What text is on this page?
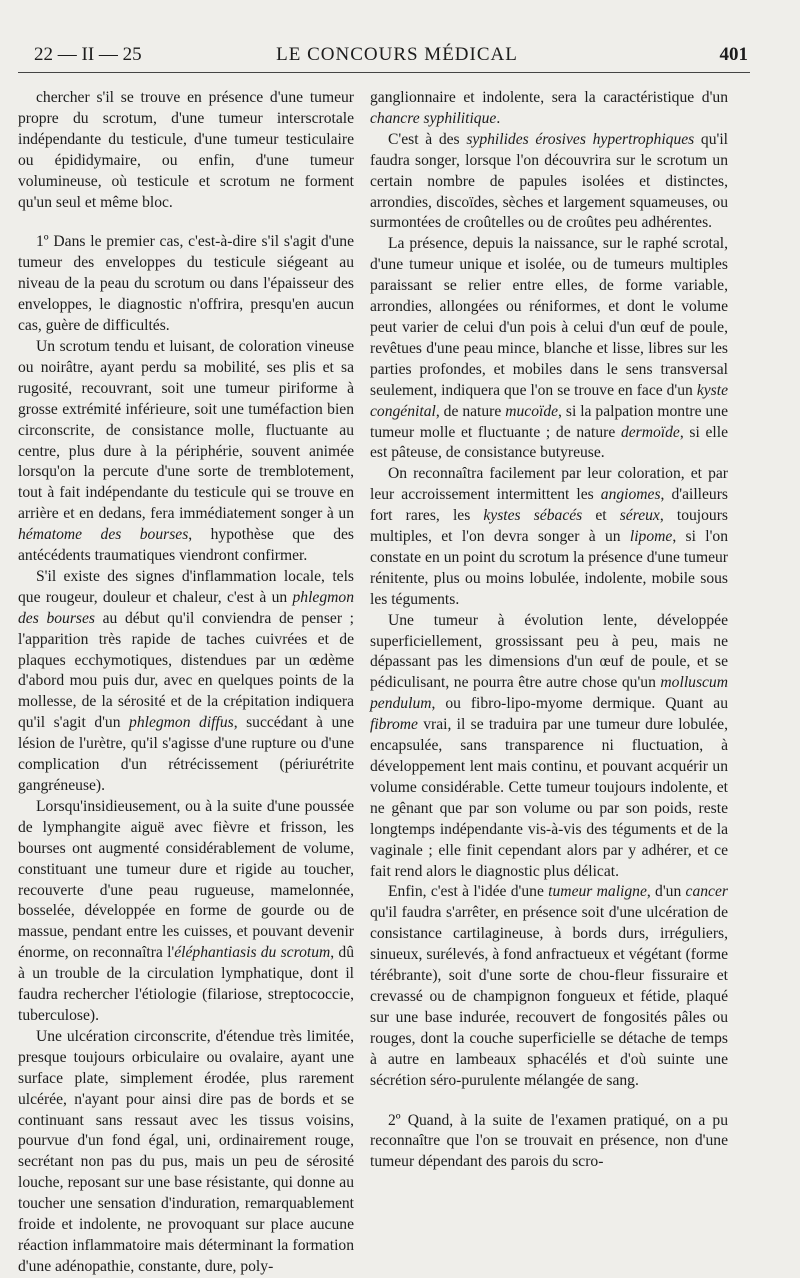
22 — II — 25	LE CONCOURS MÉDICAL	401

chercher s'il se trouve en présence d'une tumeur propre du scrotum, d'une tumeur interscrotale indépendante du testicule, d'une tumeur testiculaire ou épididymaire, ou enfin, d'une tumeur volumineuse, où testicule et scrotum ne forment qu'un seul et même bloc.

1º Dans le premier cas, c'est-à-dire s'il s'agit d'une tumeur des enveloppes du testicule siégeant au niveau de la peau du scrotum ou dans l'épaisseur des enveloppes, le diagnostic n'offrira, presqu'en aucun cas, guère de difficultés.

Un scrotum tendu et luisant, de coloration vineuse ou noirâtre, ayant perdu sa mobilité, ses plis et sa rugosité, recouvrant, soit une tumeur piriforme à grosse extrémité inférieure, soit une tuméfaction bien circonscrite, de consistance molle, fluctuante au centre, plus dure à la périphérie, souvent animée lorsqu'on la percute d'une sorte de tremblotement, tout à fait indépendante du testicule qui se trouve en arrière et en dedans, fera immédiatement songer à un hématome des bourses, hypothèse que des antécédents traumatiques viendront confirmer.

S'il existe des signes d'inflammation locale, tels que rougeur, douleur et chaleur, c'est à un phlegmon des bourses au début qu'il conviendra de penser ; l'apparition très rapide de taches cuivrées et de plaques ecchymotiques, distendues par un œdème d'abord mou puis dur, avec en quelques points de la mollesse, de la sérosité et de la crépitation indiquera qu'il s'agit d'un phlegmon diffus, succédant à une lésion de l'urètre, qu'il s'agisse d'une rupture ou d'une complication d'un rétrécissement (périurétrite gangréneuse).

Lorsqu'insidieusement, ou à la suite d'une poussée de lymphangite aiguë avec fièvre et frisson, les bourses ont augmenté considérablement de volume, constituant une tumeur dure et rigide au toucher, recouverte d'une peau rugueuse, mamelonnée, bosselée, développée en forme de gourde ou de massue, pendant entre les cuisses, et pouvant devenir énorme, on reconnaîtra l'éléphantiasis du scrotum, dû à un trouble de la circulation lymphatique, dont il faudra rechercher l'étiologie (filariose, streptococcie, tuberculose).

Une ulcération circonscrite, d'étendue très limitée, presque toujours orbiculaire ou ovalaire, ayant une surface plate, simplement érodée, plus rarement ulcérée, n'ayant pour ainsi dire pas de bords et se continuant sans ressaut avec les tissus voisins, pourvue d'un fond égal, uni, ordinairement rouge, secrétant non pas du pus, mais un peu de sérosité louche, reposant sur une base résistante, qui donne au toucher une sensation d'induration, remarquablement froide et indolente, ne provoquant sur place aucune réaction inflammatoire mais déterminant la formation d'une adénopathie, constante, dure, poly-

ganglionnaire et indolente, sera la caractéristique d'un chancre syphilitique.

C'est à des syphilides érosives hypertrophiques qu'il faudra songer, lorsque l'on découvrira sur le scrotum un certain nombre de papules isolées et distinctes, arrondies, discoïdes, sèches et largement squameuses, ou surmontées de croûtelles ou de croûtes peu adhérentes.

La présence, depuis la naissance, sur le raphé scrotal, d'une tumeur unique et isolée, ou de tumeurs multiples paraissant se relier entre elles, de forme variable, arrondies, allongées ou réniformes, et dont le volume peut varier de celui d'un pois à celui d'un œuf de poule, revêtues d'une peau mince, blanche et lisse, libres sur les parties profondes, et mobiles dans le sens transversal seulement, indiquera que l'on se trouve en face d'un kyste congénital, de nature mucoïde, si la palpation montre une tumeur molle et fluctuante ; de nature dermoïde, si elle est pâteuse, de consistance butyreuse.

On reconnaîtra facilement par leur coloration, et par leur accroissement intermittent les angiomes, d'ailleurs fort rares, les kystes sébacés et séreux, toujours multiples, et l'on devra songer à un lipome, si l'on constate en un point du scrotum la présence d'une tumeur rénitente, plus ou moins lobulée, indolente, mobile sous les téguments.

Une tumeur à évolution lente, développée superficiellement, grossissant peu à peu, mais ne dépassant pas les dimensions d'un œuf de poule, et se pédiculisant, ne pourra être autre chose qu'un molluscum pendulum, ou fibro-lipo-myome dermique. Quant au fibrome vrai, il se traduira par une tumeur dure lobulée, encapsulée, sans transparence ni fluctuation, à développement lent mais continu, et pouvant acquérir un volume considérable. Cette tumeur toujours indolente, et ne gênant que par son volume ou par son poids, reste longtemps indépendante vis-à-vis des téguments et de la vaginale ; elle finit cependant alors par y adhérer, et ce fait rend alors le diagnostic plus délicat.

Enfin, c'est à l'idée d'une tumeur maligne, d'un cancer qu'il faudra s'arrêter, en présence soit d'une ulcération de consistance cartilagineuse, à bords durs, irréguliers, sinueux, surélevés, à fond anfractueux et végétant (forme térébrante), soit d'une sorte de chou-fleur fissuraire et crevassé ou de champignon fongueux et fétide, plaqué sur une base indurée, recouvert de fongosités pâles ou rouges, dont la couche superficielle se détache de temps à autre en lambeaux sphacélés et d'où suinte une sécrétion séro-purulente mélangée de sang.

2º Quand, à la suite de l'examen pratiqué, on a pu reconnaître que l'on se trouvait en présence, non d'une tumeur dépendant des parois du scro-
